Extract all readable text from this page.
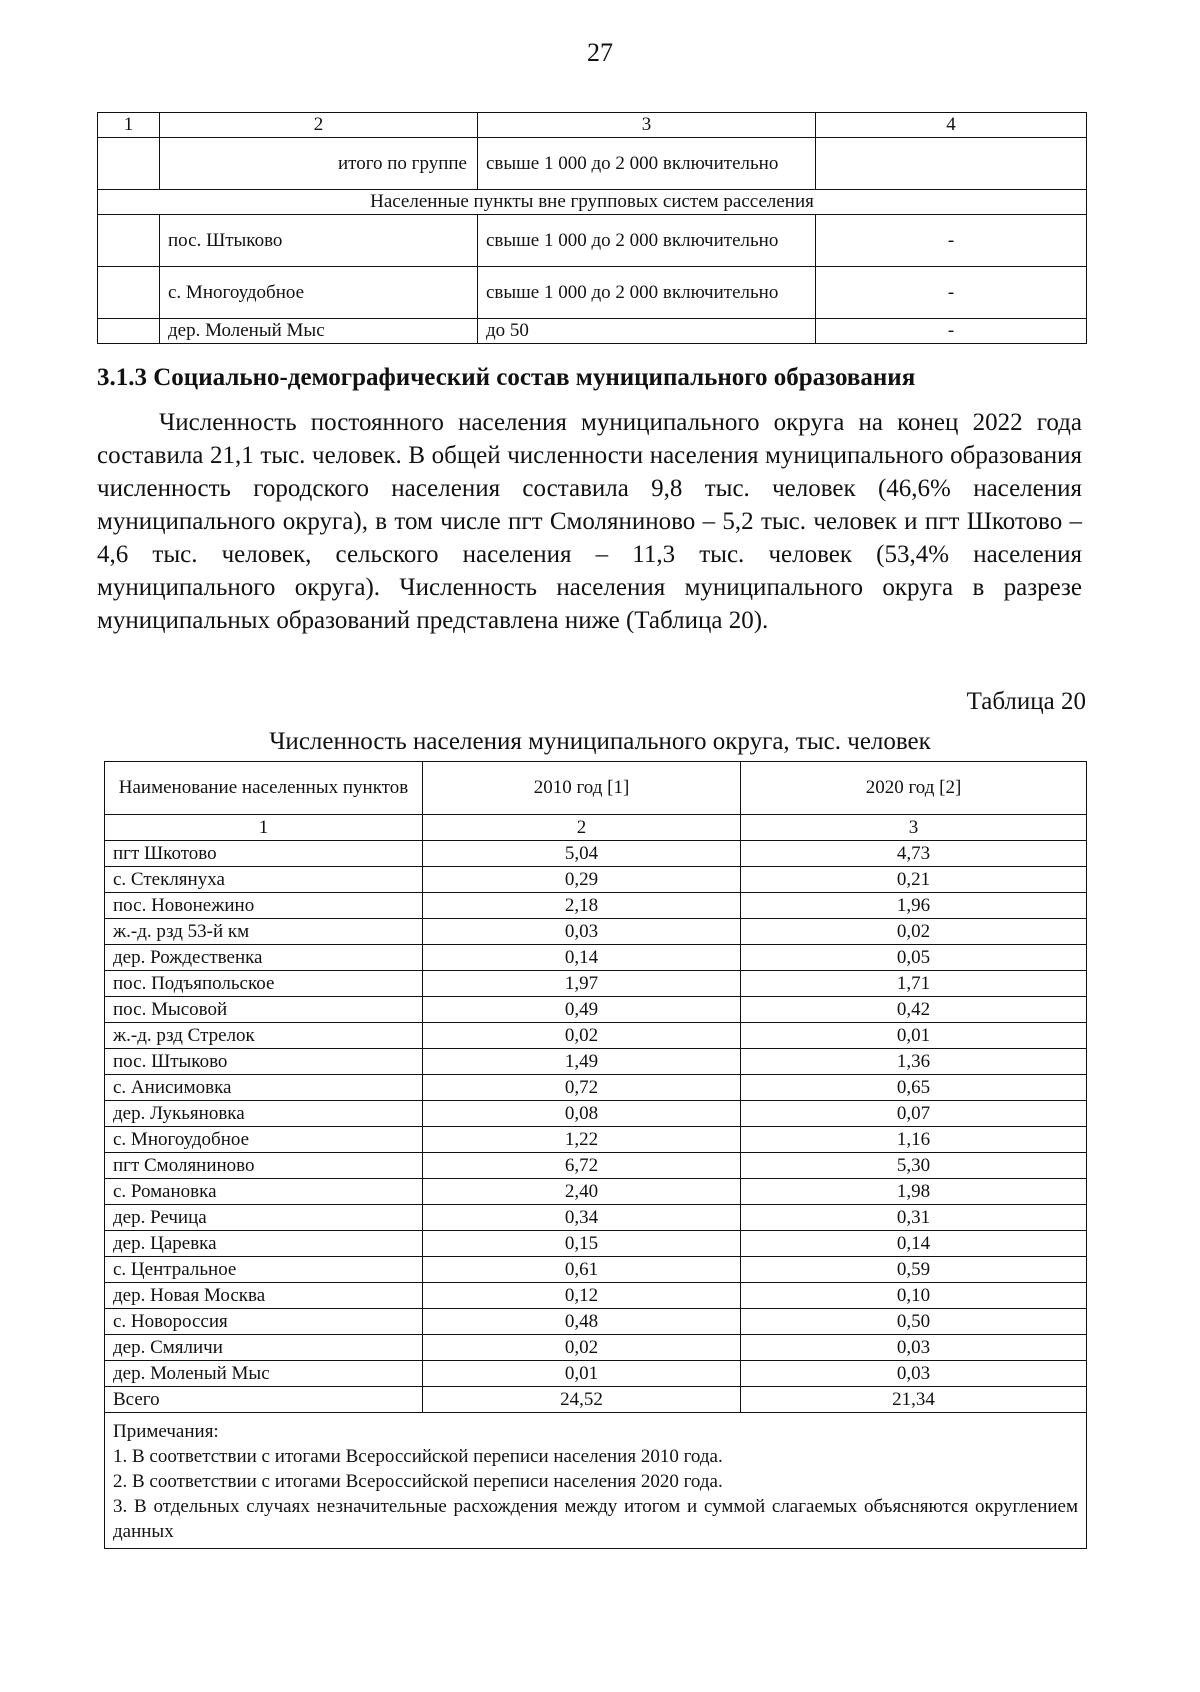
27
1	2	3	4
	итого по группе	свыше 1 000 до 2 000 включительно	
Населенные пункты вне групповых систем расселения			
	пос. Штыково	свыше 1 000 до 2 000 включительно	-
	с. Многоудобное	свыше 1 000 до 2 000 включительно	-
	дер. Моленый Мыс	до 50	-
3.1.3 Социально-демографический состав муниципального образования

Численность постоянного населения муниципального округа на конец 2022 года составила 21,1 тыс. человек. В общей численности населения муниципального образования численность городского населения составила 9,8 тыс. человек (46,6% населения муниципального округа), в том числе пгт Смоляниново – 5,2 тыс. человек и пгт Шкотово – 4,6 тыс. человек, сельского населения – 11,3 тыс. человек (53,4% населения муниципального округа). Численность населения муниципального округа в разрезе муниципальных образований представлена ниже (Таблица 20).

Таблица 20
Численность населения муниципального округа, тыс. человек
Наименование населенных пунктов	2010 год [1]	2020 год [2]
1	2	3
пгт Шкотово	5,04	4,73
с. Стеклянуха	0,29	0,21
пос. Новонежино	2,18	1,96
ж.-д. рзд 53-й км	0,03	0,02
дер. Рождественка	0,14	0,05
пос. Подъяпольское	1,97	1,71
пос. Мысовой	0,49	0,42
ж.-д. рзд Стрелок	0,02	0,01
пос. Штыково	1,49	1,36
с. Анисимовка	0,72	0,65
дер. Лукьяновка	0,08	0,07
с. Многоудобное	1,22	1,16
пгт Смоляниново	6,72	5,30
с. Романовка	2,40	1,98
дер. Речица	0,34	0,31
дер. Царевка	0,15	0,14
с. Центральное	0,61	0,59
дер. Новая Москва	0,12	0,10
с. Новороссия	0,48	0,50
дер. Смяличи	0,02	0,03
дер. Моленый Мыс	0,01	0,03
Всего	24,52	21,34

Примечания:

1. В соответствии с итогами Всероссийской переписи населения 2010 года.

2. В соответствии с итогами Всероссийской переписи населения 2020 года.

3. В отдельных случаях незначительные расхождения между итогом и суммой слагаемых объясняются округлением данных		
